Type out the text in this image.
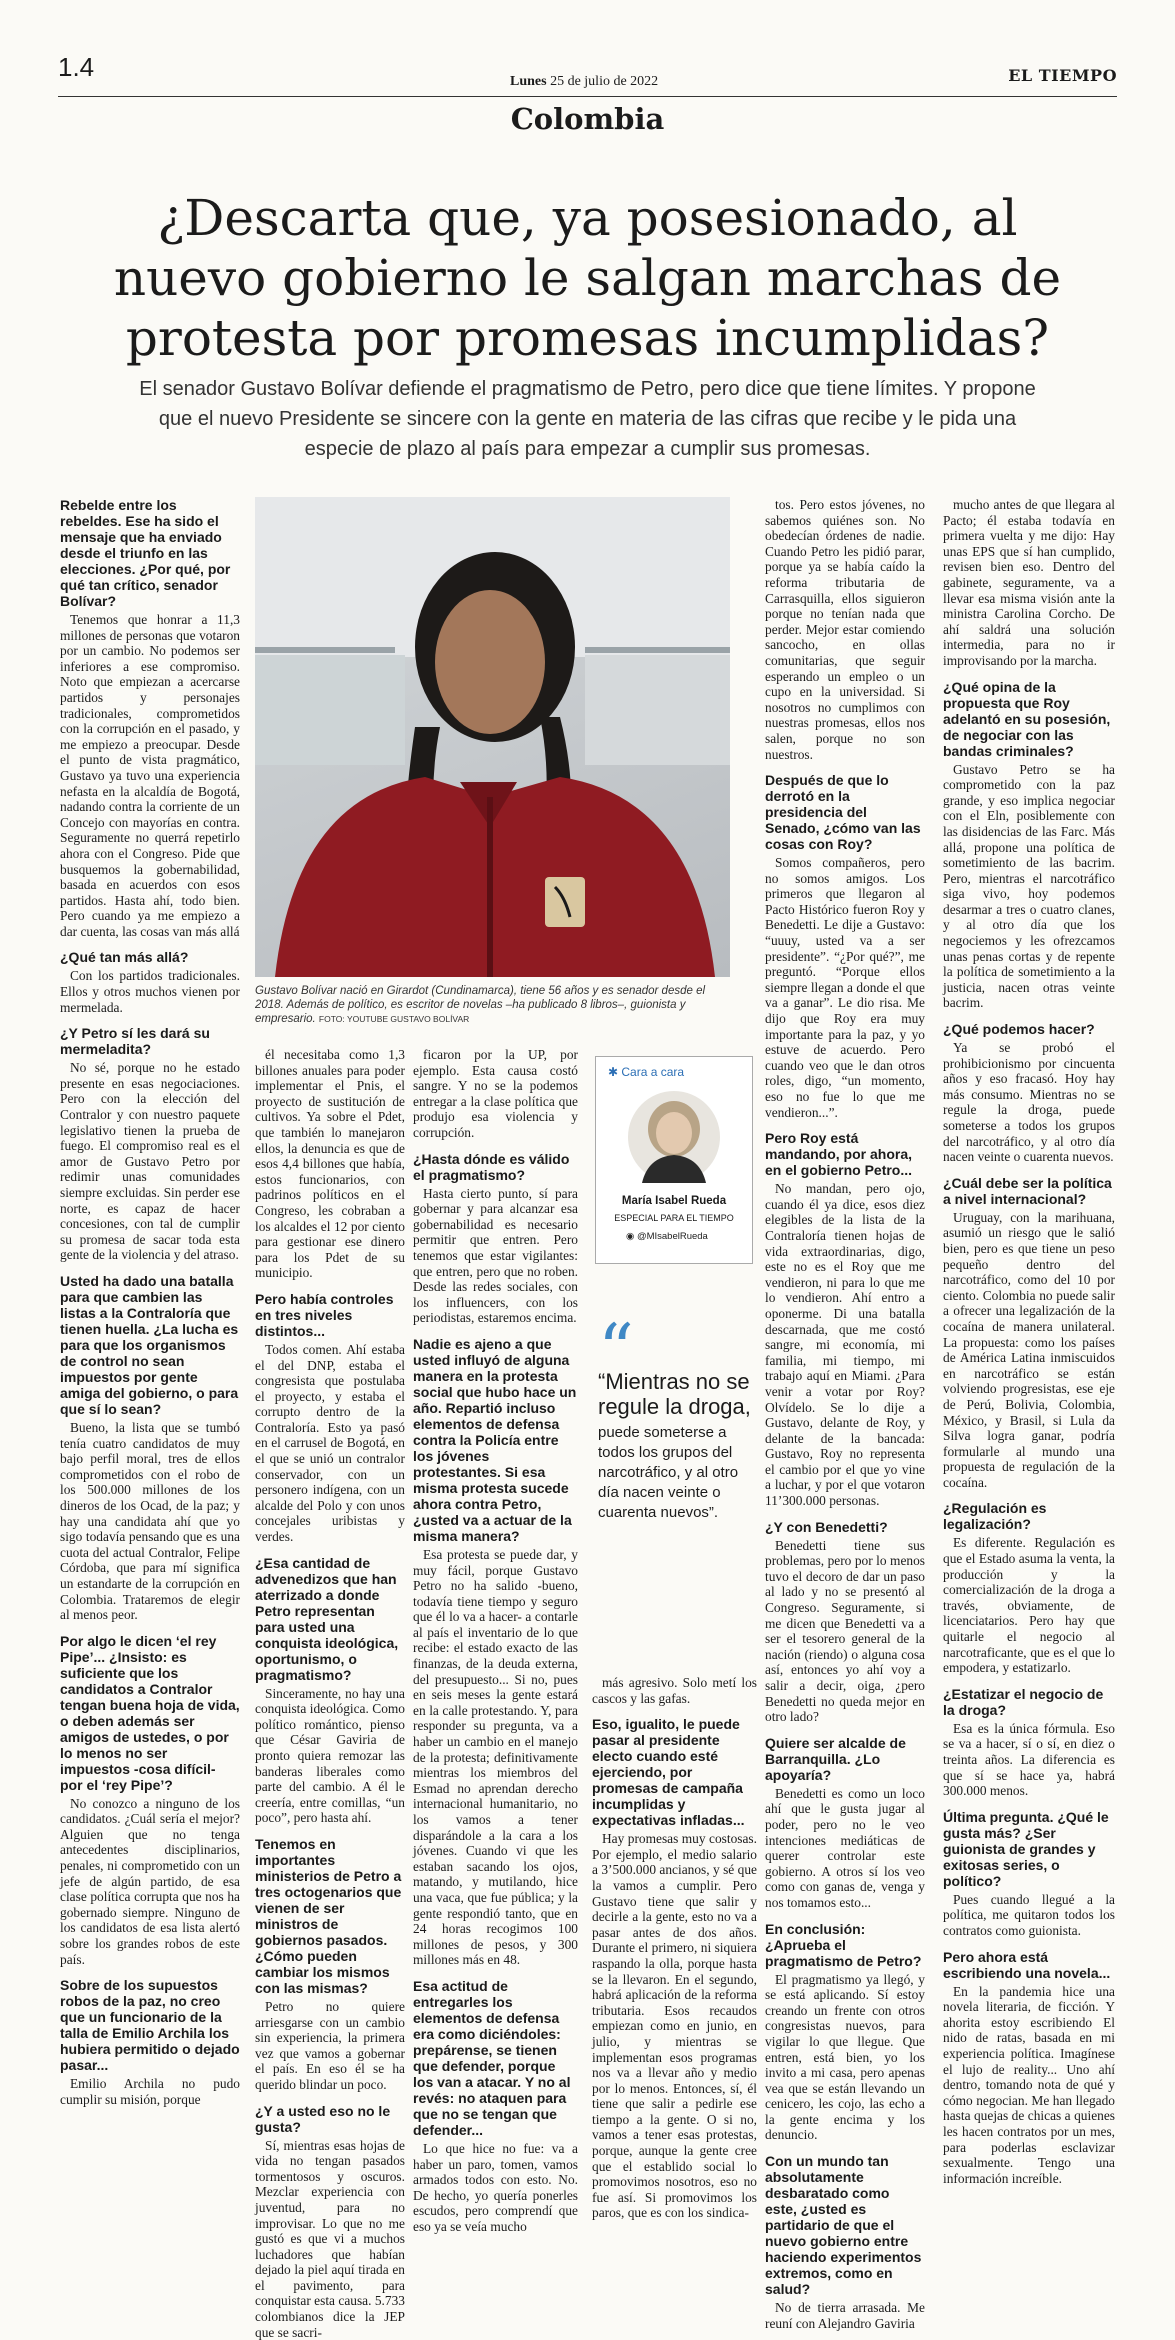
1.4	Lunes 25 de julio de 2022	EL TIEMPO
Colombia
¿Descarta que, ya posesionado, al nuevo gobierno le salgan marchas de protesta por promesas incumplidas?
El senador Gustavo Bolívar defiende el pragmatismo de Petro, pero dice que tiene límites. Y propone que el nuevo Presidente se sincere con la gente en materia de las cifras que recibe y le pida una especie de plazo al país para empezar a cumplir sus promesas.
Gustavo Bolívar nació en Girardot (Cundinamarca), tiene 56 años y es senador desde el 2018. Además de político, es escritor de novelas –ha publicado 8 libros–, guionista y empresario. FOTO: YOUTUBE GUSTAVO BOLÍVAR
Rebelde entre los rebeldes. Ese ha sido el mensaje que ha enviado desde el triunfo en las elecciones. ¿Por qué, por qué tan crítico, senador Bolívar?

Tenemos que honrar a 11,3 millones de personas que votaron por un cambio. No podemos ser inferiores a ese compromiso. Noto que empiezan a acercarse partidos y personajes tradicionales, comprometidos con la corrupción en el pasado, y me empiezo a preocupar. Desde el punto de vista pragmático, Gustavo ya tuvo una experiencia nefasta en la alcaldía de Bogotá, nadando contra la corriente de un Concejo con mayorías en contra. Seguramente no querrá repetirlo ahora con el Congreso. Pide que busquemos la gobernabilidad, basada en acuerdos con esos partidos. Hasta ahí, todo bien. Pero cuando ya me empiezo a dar cuenta, las cosas van más allá

¿Qué tan más allá?

Con los partidos tradicionales. Ellos y otros muchos vienen por mermelada.

¿Y Petro sí les dará su mermeladita?

No sé, porque no he estado presente en esas negociaciones. Pero con la elección del Contralor y con nuestro paquete legislativo tienen la prueba de fuego. El compromiso real es el amor de Gustavo Petro por redimir unas comunidades siempre excluidas. Sin perder ese norte, es capaz de hacer concesiones, con tal de cumplir su promesa de sacar toda esta gente de la violencia y del atraso.

Usted ha dado una batalla para que cambien las listas a la Contraloría que tienen huella. ¿La lucha es para que los organismos de control no sean impuestos por gente amiga del gobierno, o para que sí lo sean?

Bueno, la lista que se tumbó tenía cuatro candidatos de muy bajo perfil moral, tres de ellos comprometidos con el robo de los 500.000 millones de los dineros de los Ocad, de la paz; y hay una candidata ahí que yo sigo todavía pensando que es una cuota del actual Contralor, Felipe Córdoba, que para mí significa un estandarte de la corrupción en Colombia. Trataremos de elegir al menos peor.

Por algo le dicen ‘el rey Pipe’... ¿Insisto: es suficiente que los candidatos a Contralor tengan buena hoja de vida, o deben además ser amigos de ustedes, o por lo menos no ser impuestos -cosa difícil- por el ‘rey Pipe’?

No conozco a ninguno de los candidatos. ¿Cuál sería el mejor? Alguien que no tenga antecedentes disciplinarios, penales, ni comprometido con un jefe de algún partido, de esa clase política corrupta que nos ha gobernado siempre. Ninguno de los candidatos de esa lista alertó sobre los grandes robos de este país.

Sobre de los supuestos robos de la paz, no creo que un funcionario de la talla de Emilio Archila los hubiera permitido o dejado pasar...

Emilio Archila no pudo cumplir su misión, porque

él necesitaba como 1,3 billones anuales para poder implementar el Pnis, el proyecto de sustitución de cultivos. Ya sobre el Pdet, que también lo manejaron ellos, la denuncia es que de esos 4,4 billones que había, estos funcionarios, con padrinos políticos en el Congreso, les cobraban a los alcaldes el 12 por ciento para gestionar ese dinero para los Pdet de su municipio.

Pero había controles en tres niveles distintos...

Todos comen. Ahí estaba el del DNP, estaba el congresista que postulaba el proyecto, y estaba el corrupto dentro de la Contraloría. Esto ya pasó en el carrusel de Bogotá, en el que se unió un contralor conservador, con un personero indígena, con un alcalde del Polo y con unos concejales uribistas y verdes.

¿Esa cantidad de advenedizos que han aterrizado a donde Petro representan para usted una conquista ideológica, oportunismo, o pragmatismo?

Sinceramente, no hay una conquista ideológica. Como político romántico, pienso que César Gaviria de pronto quiera remozar las banderas liberales como parte del cambio. A él le creería, entre comillas, “un poco”, pero hasta ahí.

Tenemos en importantes ministerios de Petro a tres octogenarios que vienen de ser ministros de gobiernos pasados. ¿Cómo pueden cambiar los mismos con las mismas?

Petro no quiere arriesgarse con un cambio sin experiencia, la primera vez que vamos a gobernar el país. En eso él se ha querido blindar un poco.

¿Y a usted eso no le gusta?

Sí, mientras esas hojas de vida no tengan pasados tormentosos y oscuros. Mezclar experiencia con juventud, para no improvisar. Lo que no me gustó es que vi a muchos luchadores que habían dejado la piel aquí tirada en el pavimento, para conquistar esta causa. 5.733 colombianos dice la JEP que se sacri-

ficaron por la UP, por ejemplo. Esta causa costó sangre. Y no se la podemos entregar a la clase política que produjo esa violencia y corrupción.

¿Hasta dónde es válido el pragmatismo?

Hasta cierto punto, sí para gobernar y para alcanzar esa gobernabilidad es necesario permitir que entren. Pero tenemos que estar vigilantes: que entren, pero que no roben. Desde las redes sociales, con los influencers, con los periodistas, estaremos encima.

Nadie es ajeno a que usted influyó de alguna manera en la protesta social que hubo hace un año. Repartió incluso elementos de defensa contra la Policía entre los jóvenes protestantes. Si esa misma protesta sucede ahora contra Petro, ¿usted va a actuar de la misma manera?

Esa protesta se puede dar, y muy fácil, porque Gustavo Petro no ha salido -bueno, todavía tiene tiempo y seguro que él lo va a hacer- a contarle al país el inventario de lo que recibe: el estado exacto de las finanzas, de la deuda externa, del presupuesto... Si no, pues en seis meses la gente estará en la calle protestando. Y, para responder su pregunta, va a haber un cambio en el manejo de la protesta; definitivamente mientras los miembros del Esmad no aprendan derecho internacional humanitario, no los vamos a tener disparándole a la cara a los jóvenes. Cuando vi que les estaban sacando los ojos, matando, y mutilando, hice una vaca, que fue pública; y la gente respondió tanto, que en 24 horas recogimos 100 millones de pesos, y 300 millones más en 48.

Esa actitud de entregarles los elementos de defensa era como diciéndoles: prepárense, se tienen que defender, porque los van a atacar. Y no al revés: no ataquen para que no se tengan que defender...

Lo que hice no fue: va a haber un paro, tomen, vamos armados todos con esto. No. De hecho, yo quería ponerles escudos, pero comprendí que eso ya se veía mucho

más agresivo. Solo metí los cascos y las gafas.

Eso, igualito, le puede pasar al presidente electo cuando esté ejerciendo, por promesas de campaña incumplidas y expectativas infladas...

Hay promesas muy costosas. Por ejemplo, el medio salario a 3’500.000 ancianos, y sé que la vamos a cumplir. Pero Gustavo tiene que salir y decirle a la gente, esto no va a pasar antes de dos años. Durante el primero, ni siquiera raspando la olla, porque hasta se la llevaron. En el segundo, habrá aplicación de la reforma tributaria. Esos recaudos empiezan como en junio, en julio, y mientras se implementan esos programas nos va a llevar año y medio por lo menos. Entonces, sí, él tiene que salir a pedirle ese tiempo a la gente. O si no, vamos a tener esas protestas, porque, aunque la gente cree que el establido social lo promovimos nosotros, eso no fue así. Si promovimos los paros, que es con los sindica-

tos. Pero estos jóvenes, no sabemos quiénes son. No obedecían órdenes de nadie. Cuando Petro les pidió parar, porque ya se había caído la reforma tributaria de Carrasquilla, ellos siguieron porque no tenían nada que perder. Mejor estar comiendo sancocho, en ollas comunitarias, que seguir esperando un empleo o un cupo en la universidad. Si nosotros no cumplimos con nuestras promesas, ellos nos salen, porque no son nuestros.

Después de que lo derrotó en la presidencia del Senado, ¿cómo van las cosas con Roy?

Somos compañeros, pero no somos amigos. Los primeros que llegaron al Pacto Histórico fueron Roy y Benedetti. Le dije a Gustavo: “uuuy, usted va a ser presidente”. “¿Por qué?”, me preguntó. “Porque ellos siempre llegan a donde el que va a ganar”. Le dio risa. Me dijo que Roy era muy importante para la paz, y yo estuve de acuerdo. Pero cuando veo que le dan otros roles, digo, “un momento, eso no fue lo que me vendieron...”.

Pero Roy está mandando, por ahora, en el gobierno Petro...

No mandan, pero ojo, cuando él ya dice, esos diez elegibles de la lista de la Contraloría tienen hojas de vida extraordinarias, digo, este no es el Roy que me vendieron, ni para lo que me lo vendieron. Ahí entro a oponerme. Di una batalla descarnada, que me costó sangre, mi economía, mi familia, mi tiempo, mi trabajo aquí en Miami. ¿Para venir a votar por Roy? Olvídelo. Se lo dije a Gustavo, delante de Roy, y delante de la bancada: Gustavo, Roy no representa el cambio por el que yo vine a luchar, y por el que votaron 11’300.000 personas.

¿Y con Benedetti?

Benedetti tiene sus problemas, pero por lo menos tuvo el decoro de dar un paso al lado y no se presentó al Congreso. Seguramente, si me dicen que Benedetti va a ser el tesorero general de la nación (riendo) o alguna cosa así, entonces yo ahí voy a salir a decir, oiga, ¿pero Benedetti no queda mejor en otro lado?

Quiere ser alcalde de Barranquilla. ¿Lo apoyaría?

Benedetti es como un loco ahí que le gusta jugar al poder, pero no le veo intenciones mediáticas de querer controlar este gobierno. A otros sí los veo como con ganas de, venga y nos tomamos esto...

En conclusión: ¿Aprueba el pragmatismo de Petro?

El pragmatismo ya llegó, y se está aplicando. Sí estoy creando un frente con otros congresistas nuevos, para vigilar lo que llegue. Que entren, está bien, yo los invito a mi casa, pero apenas vea que se están llevando un cenicero, les cojo, las echo a la gente encima y los denuncio.

Con un mundo tan absolutamente desbaratado como este, ¿usted es partidario de que el nuevo gobierno entre haciendo experimentos extremos, como en salud?

No de tierra arrasada. Me reuní con Alejandro Gaviria

mucho antes de que llegara al Pacto; él estaba todavía en primera vuelta y me dijo: Hay unas EPS que sí han cumplido, revisen bien eso. Dentro del gabinete, seguramente, va a llevar esa misma visión ante la ministra Carolina Corcho. De ahí saldrá una solución intermedia, para no ir improvisando por la marcha.

¿Qué opina de la propuesta que Roy adelantó en su posesión, de negociar con las bandas criminales?

Gustavo Petro se ha comprometido con la paz grande, y eso implica negociar con el Eln, posiblemente con las disidencias de las Farc. Más allá, propone una política de sometimiento de las bacrim. Pero, mientras el narcotráfico siga vivo, hoy podemos desarmar a tres o cuatro clanes, y al otro día que los negociemos y les ofrezcamos unas penas cortas y de repente la política de sometimiento a la justicia, nacen otras veinte bacrim.

¿Qué podemos hacer?

Ya se probó el prohibicionismo por cincuenta años y eso fracasó. Hoy hay más consumo. Mientras no se regule la droga, puede someterse a todos los grupos del narcotráfico, y al otro día nacen veinte o cuarenta nuevos.

¿Cuál debe ser la política a nivel internacional?

Uruguay, con la marihuana, asumió un riesgo que le salió bien, pero es que tiene un peso pequeño dentro del narcotráfico, como del 10 por ciento. Colombia no puede salir a ofrecer una legalización de la cocaína de manera unilateral. La propuesta: como los países de América Latina inmiscuidos en narcotráfico se están volviendo progresistas, ese eje de Perú, Bolivia, Colombia, México, y Brasil, si Lula da Silva logra ganar, podría formularle al mundo una propuesta de regulación de la cocaína.

¿Regulación es legalización?

Es diferente. Regulación es que el Estado asuma la venta, la producción y la comercialización de la droga a través, obviamente, de licenciatarios. Pero hay que quitarle el negocio al narcotraficante, que es el que lo empodera, y estatizarlo.

¿Estatizar el negocio de la droga?

Esa es la única fórmula. Eso se va a hacer, sí o sí, en diez o treinta años. La diferencia es que sí se hace ya, habrá 300.000 menos.

Última pregunta. ¿Qué le gusta más? ¿Ser guionista de grandes y exitosas series, o político?

Pues cuando llegué a la política, me quitaron todos los contratos como guionista.

Pero ahora está escribiendo una novela...

En la pandemia hice una novela literaria, de ficción. Y ahorita estoy escribiendo El nido de ratas, basada en mi experiencia política. Imagínese el lujo de reality... Uno ahí dentro, tomando nota de qué y cómo negocian. Me han llegado hasta quejas de chicas a quienes les hacen contratos por un mes, para poderlas esclavizar sexualmente. Tengo una información increíble.

✱ Cara a cara
María Isabel Rueda
ESPECIAL PARA EL TIEMPO
◉ @MIsabelRueda
“
“Mientras no se regule la droga,
puede someterse a todos los grupos del narcotráfico, y al otro día nacen veinte o cuarenta nuevos”.
